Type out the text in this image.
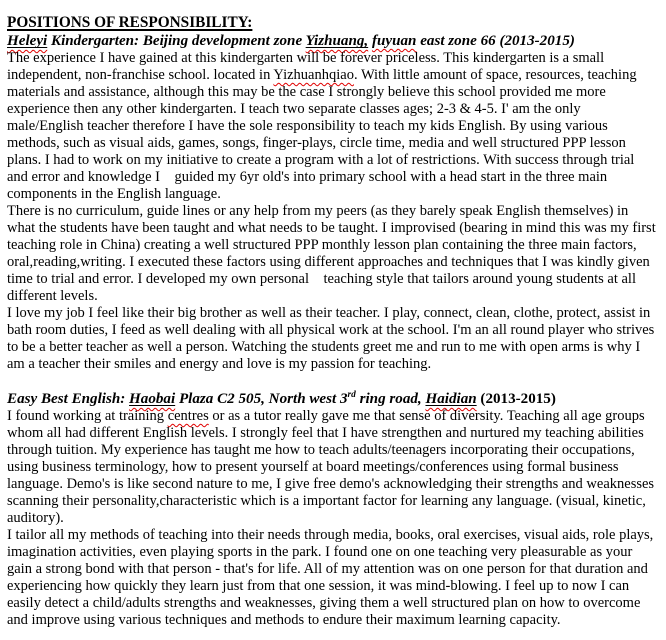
POSITIONS OF RESPONSIBILITY:
Heleyi Kindergarten: Beijing development zone Yizhuang, fuyuan east zone 66 (2013-2015)
The experience I have gained at this kindergarten will be forever priceless. This kindergarten is a small independent, non-franchise school. located in Yizhuanhqiao. With little amount of space, resources, teaching materials and assistance, although this may be the case I strongly believe this school provided me more experience then any other kindergarten. I teach two separate classes ages; 2-3 & 4-5. I' am the only male/English teacher therefore I have the sole responsibility to teach my kids English. By using various methods, such as visual aids, games, songs, finger-plays, circle time, media and well structured PPP lesson plans. I had to work on my initiative to create a program with a lot of restrictions. With success through trial and error and knowledge I    guided my 6yr old's into primary school with a head start in the three main components in the English language.
There is no curriculum, guide lines or any help from my peers (as they barely speak English themselves) in what the students have been taught and what needs to be taught. I improvised (bearing in mind this was my first teaching role in China) creating a well structured PPP monthly lesson plan containing the three main factors, oral,reading,writing. I executed these factors using different approaches and techniques that I was kindly given time to trial and error. I developed my own personal    teaching style that tailors around young students at all different levels.
I love my job I feel like their big brother as well as their teacher. I play, connect, clean, clothe, protect, assist in bath room duties, I feed as well dealing with all physical work at the school. I'm an all round player who strives to be a better teacher as well a person. Watching the students greet me and run to me with open arms is why I am a teacher their smiles and energy and love is my passion for teaching.
Easy Best English: Haobai Plaza C2 505, North west 3rd ring road, Haidian (2013-2015)
I found working at training centres or as a tutor really gave me that sense of diversity. Teaching all age groups whom all had different English levels. I strongly feel that I have strengthen and nurtured my teaching abilities through tuition. My experience has taught me how to teach adults/teenagers incorporating their occupations, using business terminology, how to present yourself at board meetings/conferences using formal business language. Demo's is like second nature to me, I give free demo's acknowledging their strengths and weaknesses scanning their personality,characteristic which is a important factor for learning any language. (visual, kinetic, auditory).
I tailor all my methods of teaching into their needs through media, books, oral exercises, visual aids, role plays, imagination activities, even playing sports in the park. I found one on one teaching very pleasurable as your gain a strong bond with that person - that's for life. All of my attention was on one person for that duration and experiencing how quickly they learn just from that one session, it was mind-blowing. I feel up to now I can easily detect a child/adults strengths and weaknesses, giving them a well structured plan on how to overcome and improve using various techniques and methods to endure their maximum learning capacity.
